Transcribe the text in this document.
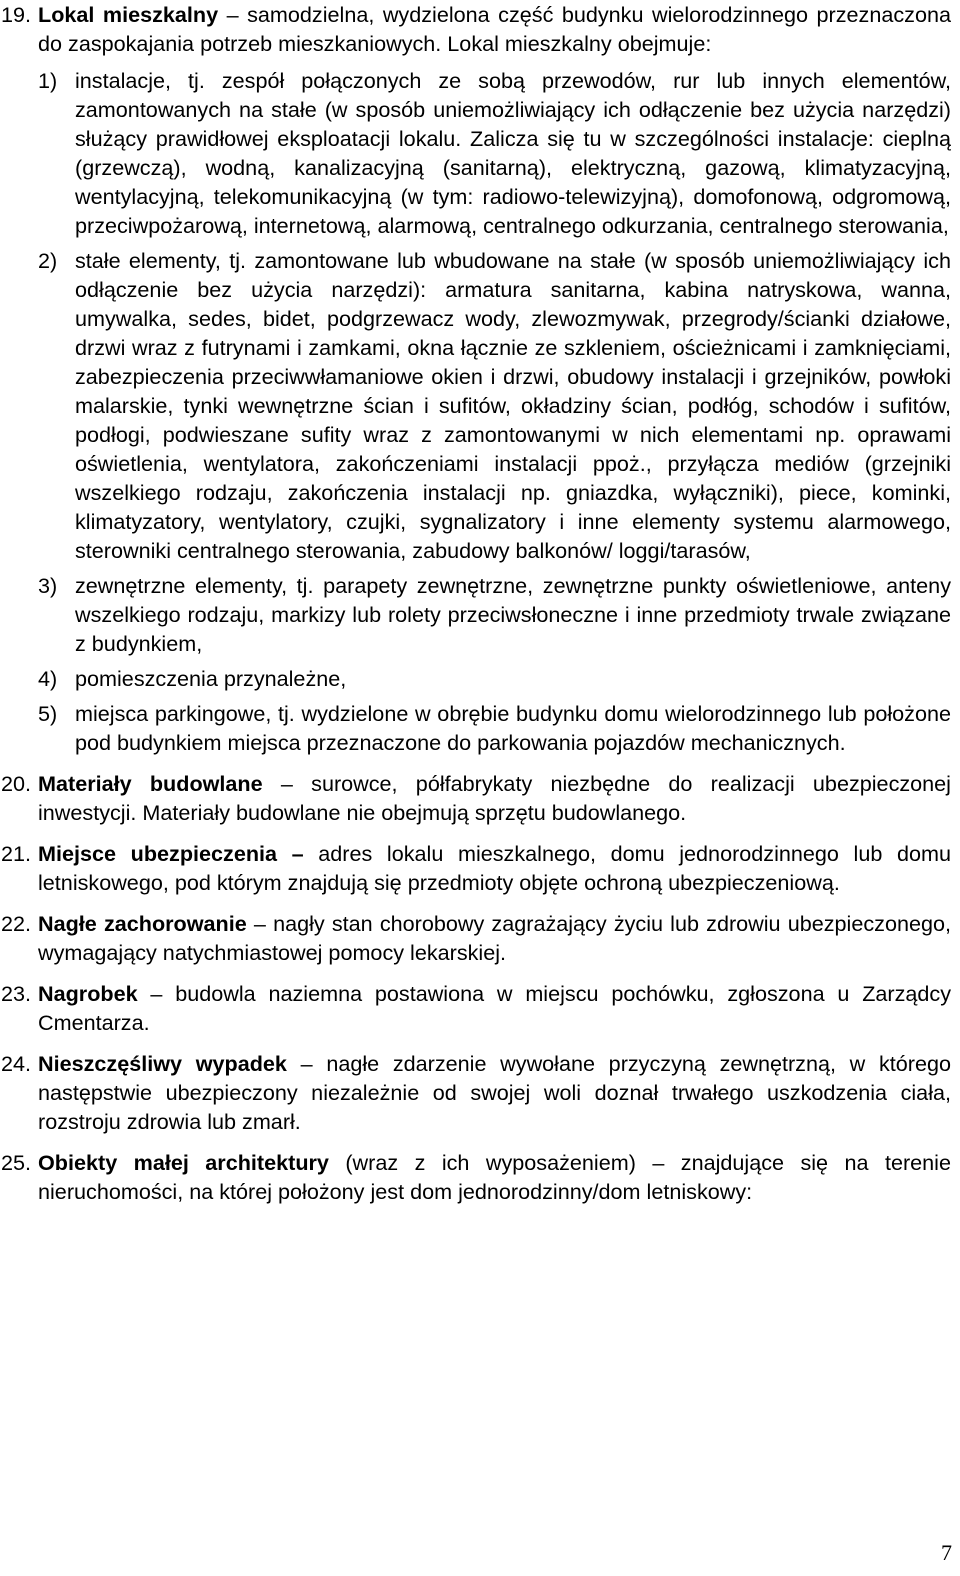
19. Lokal mieszkalny – samodzielna, wydzielona część budynku wielorodzinnego przeznaczona do zaspokajania potrzeb mieszkaniowych. Lokal mieszkalny obejmuje:
1) instalacje, tj. zespół połączonych ze sobą przewodów, rur lub innych elementów, zamontowanych na stałe (w sposób uniemożliwiający ich odłączenie bez użycia narzędzi) służący prawidłowej eksploatacji lokalu. Zalicza się tu w szczególności instalacje: cieplną (grzewczą), wodną, kanalizacyjną (sanitarną), elektryczną, gazową, klimatyzacyjną, wentylacyjną, telekomunikacyjną (w tym: radiowo-telewizyjną), domofonową, odgromową, przeciwpożarową, internetową, alarmową, centralnego odkurzania, centralnego sterowania,
2) stałe elementy, tj. zamontowane lub wbudowane na stałe (w sposób uniemożliwiający ich odłączenie bez użycia narzędzi): armatura sanitarna, kabina natryskowa, wanna, umywalka, sedes, bidet, podgrzewacz wody, zlewozmywak, przegrody/ścianki działowe, drzwi wraz z futrynami i zamkami, okna łącznie ze szkleniem, ościeżnicami i zamknięciami, zabezpieczenia przeciwwłamaniowe okien i drzwi, obudowy instalacji i grzejników, powłoki malarskie, tynki wewnętrzne ścian i sufitów, okładziny ścian, podłóg, schodów i sufitów, podłogi, podwieszane sufity wraz z zamontowanymi w nich elementami np. oprawami oświetlenia, wentylatora, zakończeniami instalacji ppoż., przyłącza mediów (grzejniki wszelkiego rodzaju, zakończenia instalacji np. gniazdka, wyłączniki), piece, kominki, klimatyzatory, wentylatory, czujki, sygnalizatory i inne elementy systemu alarmowego, sterowniki centralnego sterowania, zabudowy balkonów/ loggi/tarasów,
3) zewnętrzne elementy, tj. parapety zewnętrzne, zewnętrzne punkty oświetleniowe, anteny wszelkiego rodzaju, markizy lub rolety przeciwsłoneczne i inne przedmioty trwale związane z budynkiem,
4) pomieszczenia przynależne,
5) miejsca parkingowe, tj. wydzielone w obrębie budynku domu wielorodzinnego lub położone pod budynkiem miejsca przeznaczone do parkowania pojazdów mechanicznych.
20. Materiały budowlane – surowce, półfabrykaty niezbędne do realizacji ubezpieczonej inwestycji. Materiały budowlane nie obejmują sprzętu budowlanego.
21. Miejsce ubezpieczenia – adres lokalu mieszkalnego, domu jednorodzinnego lub domu letniskowego, pod którym znajdują się przedmioty objęte ochroną ubezpieczeniową.
22. Nagłe zachorowanie – nagły stan chorobowy zagrażający życiu lub zdrowiu ubezpieczonego, wymagający natychmiastowej pomocy lekarskiej.
23. Nagrobek – budowla naziemna postawiona w miejscu pochówku, zgłoszona u Zarządcy Cmentarza.
24. Nieszczęśliwy wypadek – nagłe zdarzenie wywołane przyczyną zewnętrzną, w którego następstwie ubezpieczony niezależnie od swojej woli doznał trwałego uszkodzenia ciała, rozstroju zdrowia lub zmarł.
25. Obiekty małej architektury (wraz z ich wyposażeniem) – znajdujące się na terenie nieruchomości, na której położony jest dom jednorodzinny/dom letniskowy:
7
